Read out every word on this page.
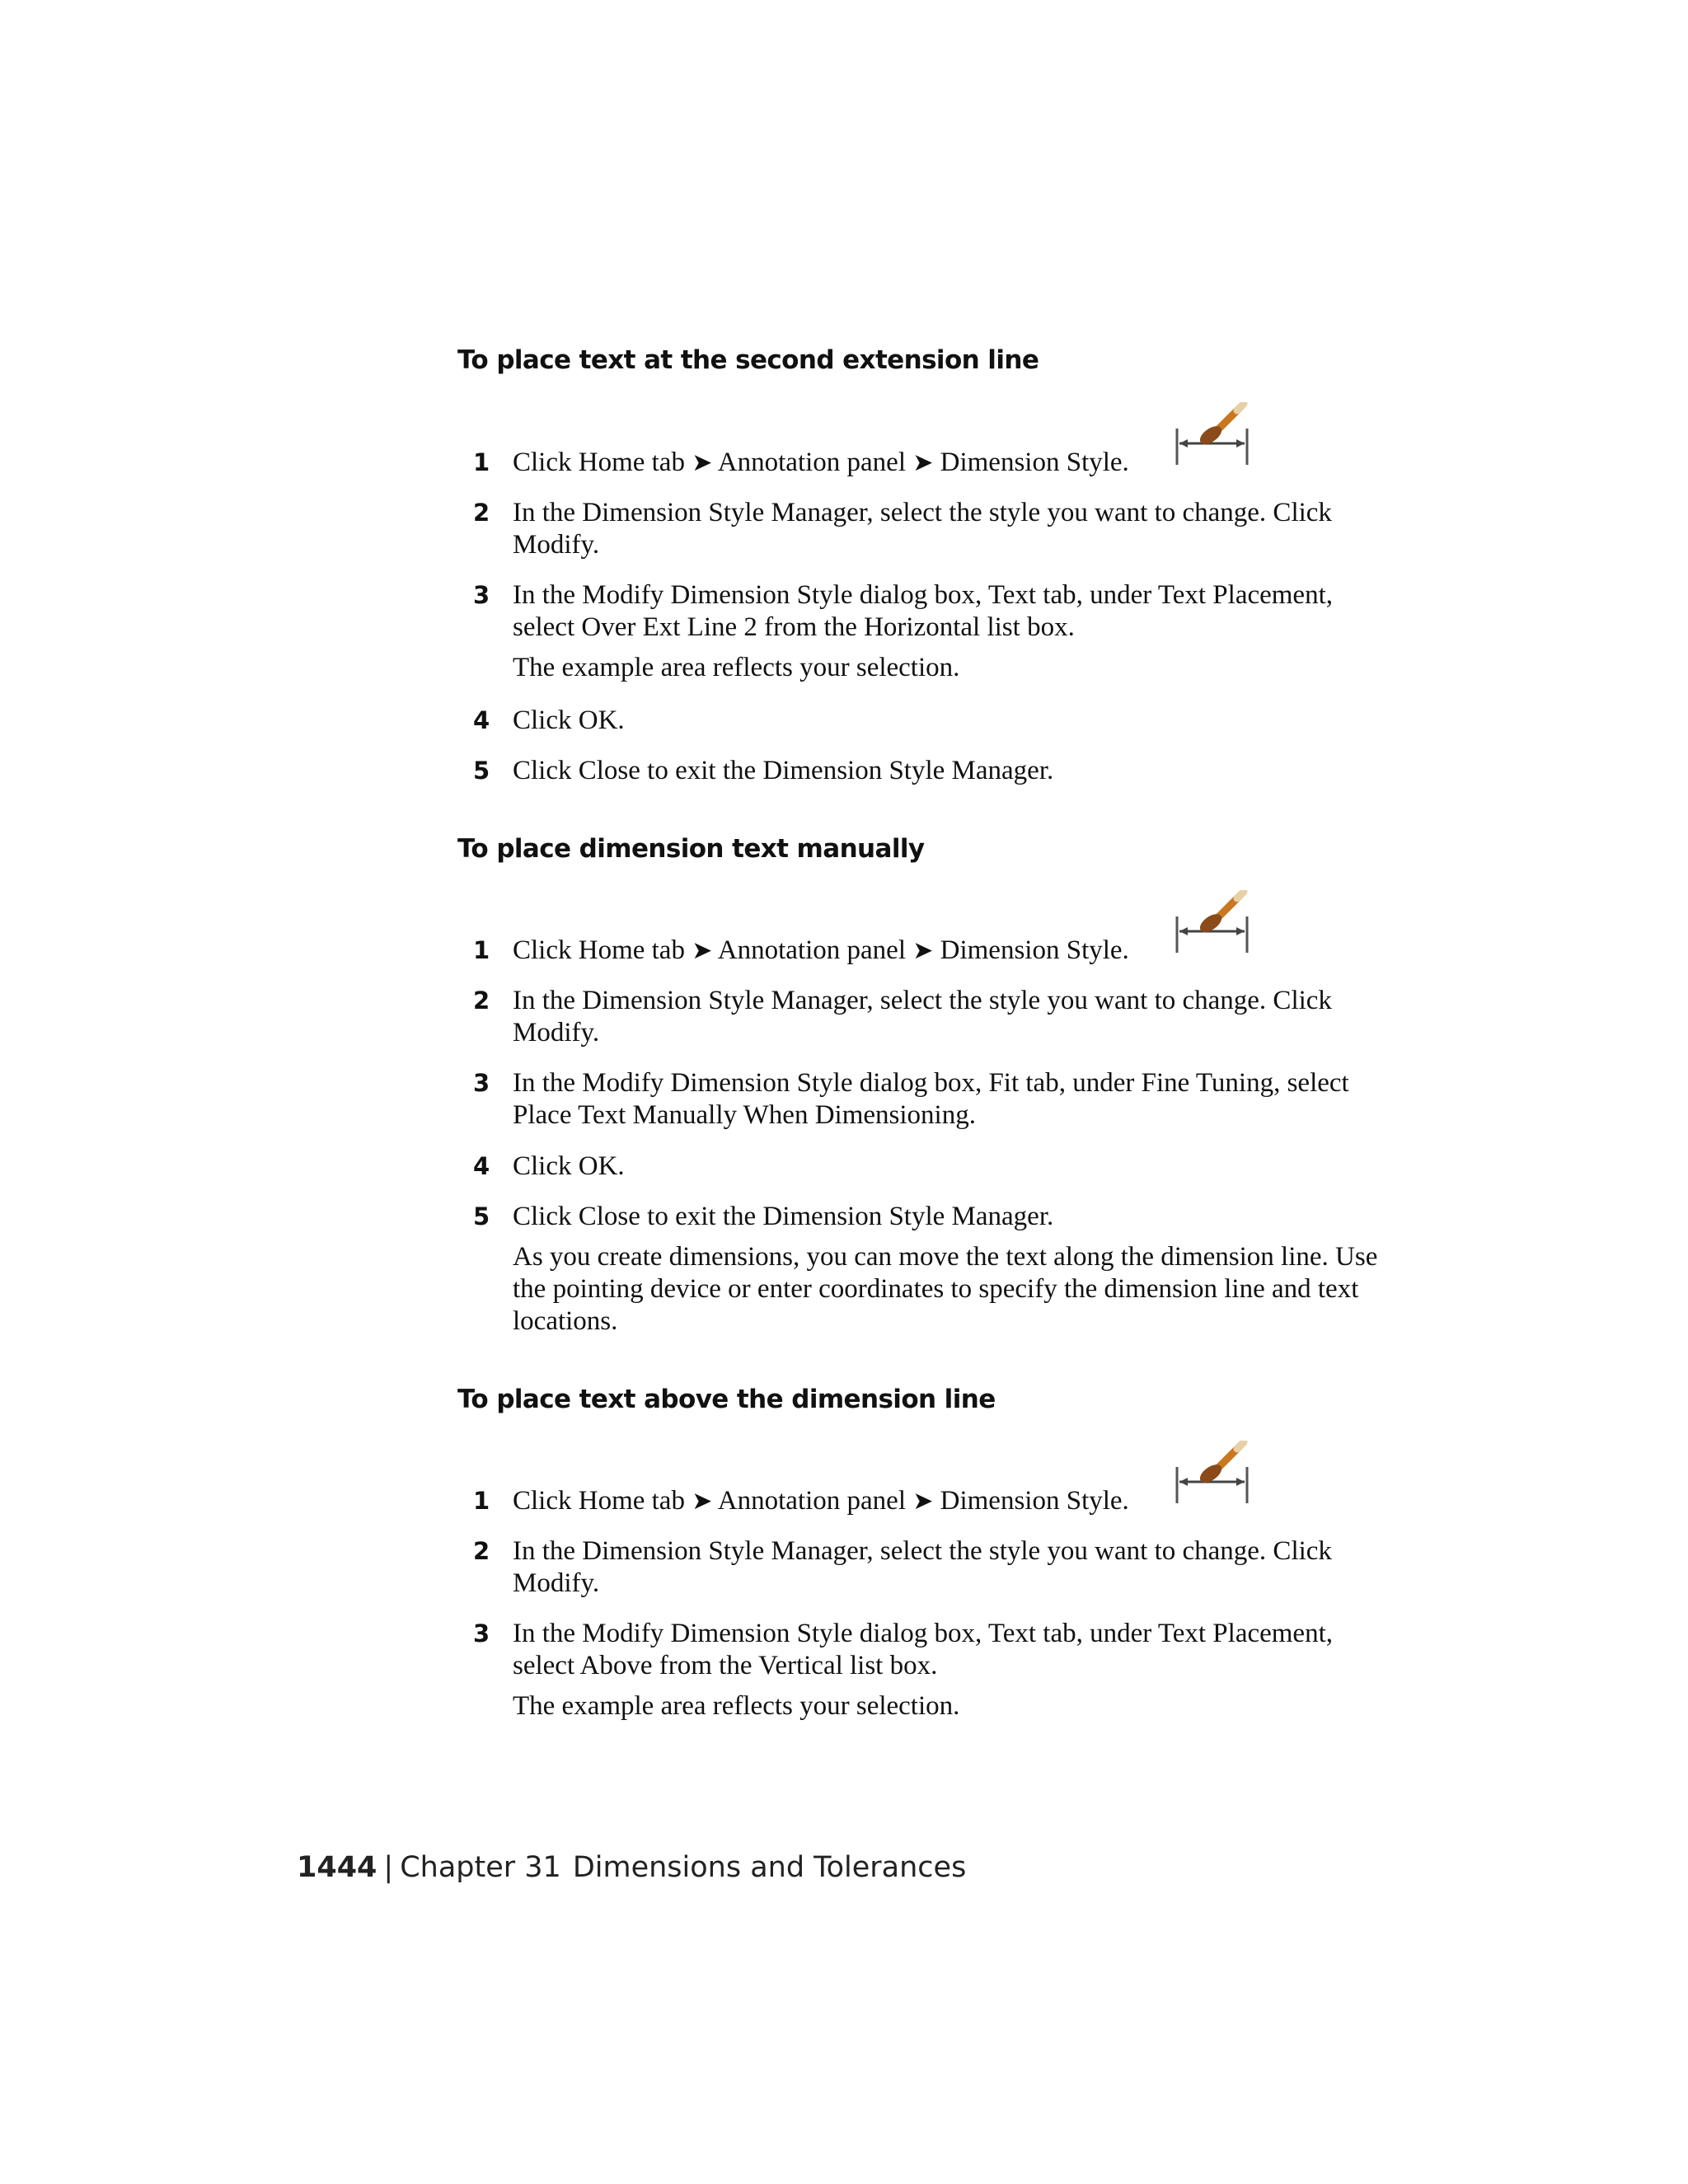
To place text at the second extension line
1 Click Home tab ➤ Annotation panel ➤ Dimension Style.
2 In the Dimension Style Manager, select the style you want to change. Click Modify.
3 In the Modify Dimension Style dialog box, Text tab, under Text Placement, select Over Ext Line 2 from the Horizontal list box.
The example area reflects your selection.
4 Click OK.
5 Click Close to exit the Dimension Style Manager.
To place dimension text manually
1 Click Home tab ➤ Annotation panel ➤ Dimension Style.
2 In the Dimension Style Manager, select the style you want to change. Click Modify.
3 In the Modify Dimension Style dialog box, Fit tab, under Fine Tuning, select Place Text Manually When Dimensioning.
4 Click OK.
5 Click Close to exit the Dimension Style Manager.
As you create dimensions, you can move the text along the dimension line. Use the pointing device or enter coordinates to specify the dimension line and text locations.
To place text above the dimension line
1 Click Home tab ➤ Annotation panel ➤ Dimension Style.
2 In the Dimension Style Manager, select the style you want to change. Click Modify.
3 In the Modify Dimension Style dialog box, Text tab, under Text Placement, select Above from the Vertical list box.
The example area reflects your selection.
1444 | Chapter 31 Dimensions and Tolerances
